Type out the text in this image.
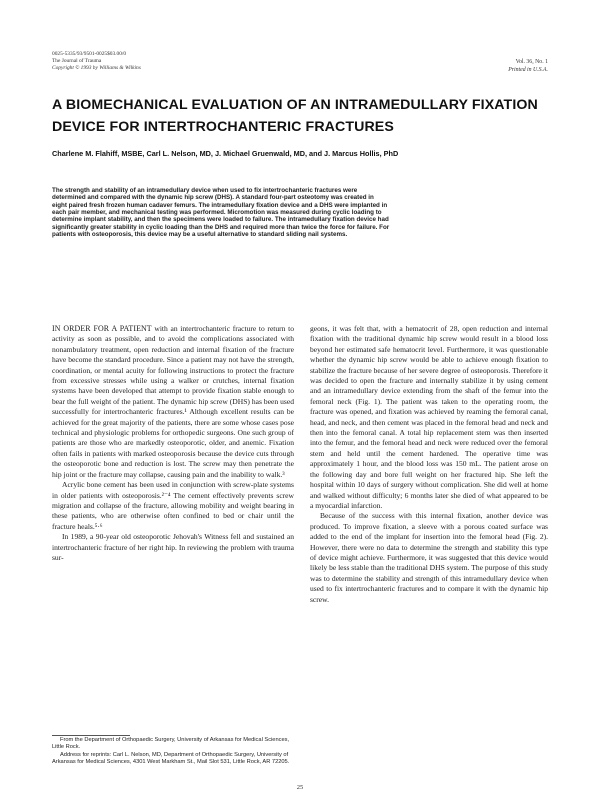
0025-5335/93/9501-0025$03.00/0
The Journal of Trauma
Copyright © 1993 by Williams & Wilkins
Vol. 36, No. 1
Printed in U.S.A.
A BIOMECHANICAL EVALUATION OF AN INTRAMEDULLARY FIXATION DEVICE FOR INTERTROCHANTERIC FRACTURES
Charlene M. Flahiff, MSBE, Carl L. Nelson, MD, J. Michael Gruenwald, MD, and J. Marcus Hollis, PhD
The strength and stability of an intramedullary device when used to fix intertrochanteric fractures were determined and compared with the dynamic hip screw (DHS). A standard four-part osteotomy was created in eight paired fresh frozen human cadaver femurs. The intramedullary fixation device and a DHS were implanted in each pair member, and mechanical testing was performed. Micromotion was measured during cyclic loading to determine implant stability, and then the specimens were loaded to failure. The intramedullary fixation device had significantly greater stability in cyclic loading than the DHS and required more than twice the force for failure. For patients with osteoporosis, this device may be a useful alternative to standard sliding nail systems.

IN ORDER FOR A PATIENT with an intertrochanteric fracture to return to activity as soon as possible, and to avoid the complications associated with nonambulatory treatment, open reduction and internal fixation of the fracture have become the standard procedure. Since a patient may not have the strength, coordination, or mental acuity for following instructions to protect the fracture from excessive stresses while using a walker or crutches, internal fixation systems have been developed that attempt to provide fixation stable enough to bear the full weight of the patient. The dynamic hip screw (DHS) has been used successfully for intertrochanteric fractures.¹ Although excellent results can be achieved for the great majority of the patients, there are some whose cases pose technical and physiologic problems for orthopedic surgeons. One such group of patients are those who are markedly osteoporotic, older, and anemic. Fixation often fails in patients with marked osteoporosis because the device cuts through the osteoporotic bone and reduction is lost. The screw may then penetrate the hip joint or the fracture may collapse, causing pain and the inability to walk.³

Acrylic bone cement has been used in conjunction with screw-plate systems in older patients with osteoporosis.²⁻⁴ The cement effectively prevents screw migration and collapse of the fracture, allowing mobility and weight bearing in these patients, who are otherwise often confined to bed or chair until the fracture heals.⁵·⁶

In 1989, a 90-year old osteoporotic Jehovah's Witness fell and sustained an intertrochanteric fracture of her right hip. In reviewing the problem with trauma sur-

geons, it was felt that, with a hematocrit of 28, open reduction and internal fixation with the traditional dynamic hip screw would result in a blood loss beyond her estimated safe hematocrit level. Furthermore, it was questionable whether the dynamic hip screw would be able to achieve enough fixation to stabilize the fracture because of her severe degree of osteoporosis. Therefore it was decided to open the fracture and internally stabilize it by using cement and an intramedullary device extending from the shaft of the femur into the femoral neck (Fig. 1). The patient was taken to the operating room, the fracture was opened, and fixation was achieved by reaming the femoral canal, head, and neck, and then cement was placed in the femoral head and neck and then into the femoral canal. A total hip replacement stem was then inserted into the femur, and the femoral head and neck were reduced over the femoral stem and held until the cement hardened. The operative time was approximately 1 hour, and the blood loss was 150 mL. The patient arose on the following day and bore full weight on her fractured hip. She left the hospital within 10 days of surgery without complication. She did well at home and walked without difficulty; 6 months later she died of what appeared to be a myocardial infarction.

Because of the success with this internal fixation, another device was produced. To improve fixation, a sleeve with a porous coated surface was added to the end of the implant for insertion into the femoral head (Fig. 2). However, there were no data to determine the strength and stability this type of device might achieve. Furthermore, it was suggested that this device would likely be less stable than the traditional DHS system. The purpose of this study was to determine the stability and strength of this intramedullary device when used to fix intertrochanteric fractures and to compare it with the dynamic hip screw.

From the Department of Orthopaedic Surgery, University of Arkansas for Medical Sciences, Little Rock.

Address for reprints: Carl L. Nelson, MD, Department of Orthopaedic Surgery, University of Arkansas for Medical Sciences, 4301 West Markham St., Mail Slot 531, Little Rock, AR 72205.

25
